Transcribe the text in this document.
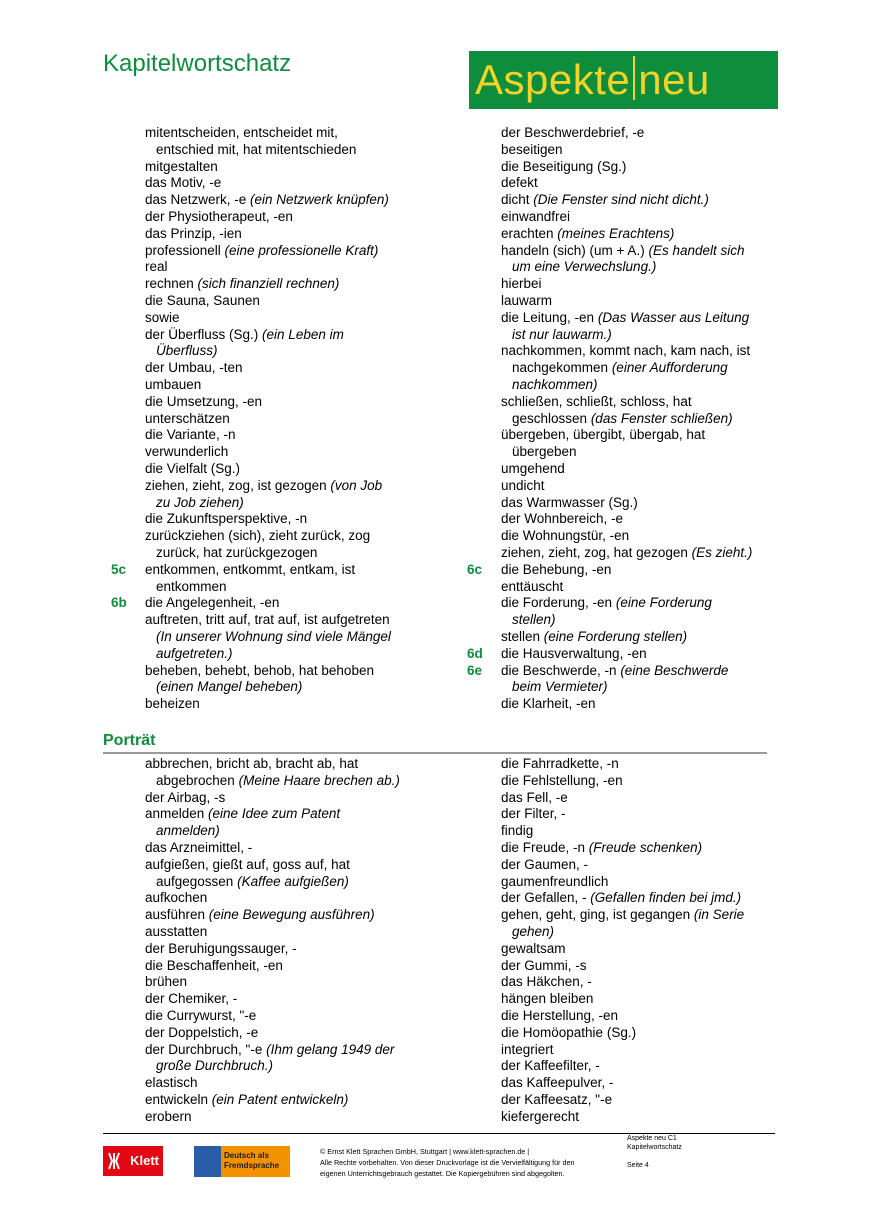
Kapitelwortschatz	Aspekte neu
mitentscheiden, entscheidet mit,
entschied mit, hat mitentschieden
mitgestalten
das Motiv, -e
das Netzwerk, -e (ein Netzwerk knüpfen)
der Physiotherapeut, -en
das Prinzip, -ien
professionell (eine professionelle Kraft)
real
rechnen (sich finanziell rechnen)
die Sauna, Saunen
sowie
der Überfluss (Sg.) (ein Leben im
Überfluss)
der Umbau, -ten
umbauen
die Umsetzung, -en
unterschätzen
die Variante, -n
verwunderlich
die Vielfalt (Sg.)
ziehen, zieht, zog, ist gezogen (von Job
zu Job ziehen)
die Zukunftsperspektive, -n
zurückziehen (sich), zieht zurück, zog
zurück, hat zurückgezogen
5c entkommen, entkommt, entkam, ist
entkommen
6b die Angelegenheit, -en
auftreten, tritt auf, trat auf, ist aufgetreten
(In unserer Wohnung sind viele Mängel
aufgetreten.)
beheben, behebt, behob, hat behoben
(einen Mangel beheben)
beheizen
der Beschwerdebrief, -e
beseitigen
die Beseitigung (Sg.)
defekt
dicht (Die Fenster sind nicht dicht.)
einwandfrei
erachten (meines Erachtens)
handeln (sich) (um + A.) (Es handelt sich
um eine Verwechslung.)
hierbei
lauwarm
die Leitung, -en (Das Wasser aus Leitung
ist nur lauwarm.)
nachkommen, kommt nach, kam nach, ist
nachgekommen (einer Aufforderung
nachkommen)
schließen, schließt, schloss, hat
geschlossen (das Fenster schließen)
übergeben, übergibt, übergab, hat
übergeben
umgehend
undicht
das Warmwasser (Sg.)
der Wohnbereich, -e
die Wohnungstür, -en
ziehen, zieht, zog, hat gezogen (Es zieht.)
6c die Behebung, -en
enttäuscht
die Forderung, -en (eine Forderung
stellen)
stellen (eine Forderung stellen)
6d die Hausverwaltung, -en
6e die Beschwerde, -n (eine Beschwerde
beim Vermieter)
die Klarheit, -en
Porträt
abbrechen, bricht ab, bracht ab, hat
abgebrochen (Meine Haare brechen ab.)
der Airbag, -s
anmelden (eine Idee zum Patent
anmelden)
das Arzneimittel, -
aufgießen, gießt auf, goss auf, hat
aufgegossen (Kaffee aufgießen)
aufkochen
ausführen (eine Bewegung ausführen)
ausstatten
der Beruhigungssauger, -
die Beschaffenheit, -en
brühen
der Chemiker, -
die Currywurst, "-e
der Doppelstich, -e
der Durchbruch, "-e (Ihm gelang 1949 der
große Durchbruch.)
elastisch
entwickeln (ein Patent entwickeln)
erobern
die Fahrradkette, -n
die Fehlstellung, -en
das Fell, -e
der Filter, -
findig
die Freude, -n (Freude schenken)
der Gaumen, -
gaumenfreundlich
der Gefallen, - (Gefallen finden bei jmd.)
gehen, geht, ging, ist gegangen (in Serie
gehen)
gewaltsam
der Gummi, -s
das Häkchen, -
hängen bleiben
die Herstellung, -en
die Homöopathie (Sg.)
integriert
der Kaffeefilter, -
das Kaffeepulver, -
der Kaffeesatz, "-e
kiefergerecht
Klett	Deutsch als
Fremdsprache
© Ernst Klett Sprachen GmbH, Stuttgart | www.klett-sprachen.de |
Alle Rechte vorbehalten. Von dieser Druckvorlage ist die Vervielfältigung für den
eigenen Unterrichtsgebrauch gestattet. Die Kopiergebühren sind abgegolten.
Aspekte neu C1
Kapitelwortschatz
Seite 4
